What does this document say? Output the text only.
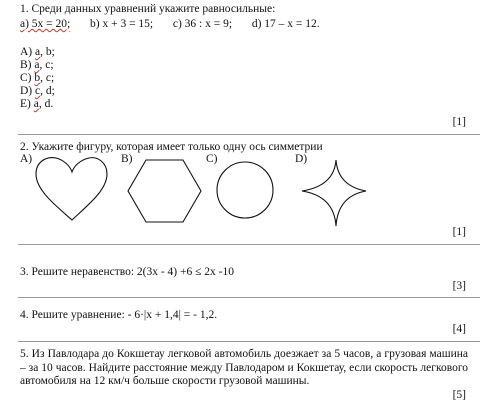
1. Среди данных уравнений укажите равносильные:
a) 5x = 20; b) x + 3 = 15; c) 36 : x = 9; d) 17 – x = 12.
A) a, b;
B) a, c;
C) b, c;
D) c, d;
E) a, d.
[1]
2. Укажите фигуру, которая имеет только одну ось симметрии
A)	B)	C)	D)
[1]
3. Решите неравенство: 2(3x - 4) +6 ≤ 2x -10
[3]
4. Решите уравнение: - 6·|x + 1,4| = - 1,2.
[4]
5. Из Павлодара до Кокшетау легковой автомобиль доезжает за 5 часов, а грузовая машина – за 10 часов. Найдите расстояние между Павлодаром и Кокшетау, если скорость легкового автомобиля на 12 км/ч больше скорости грузовой машины.
[5]
